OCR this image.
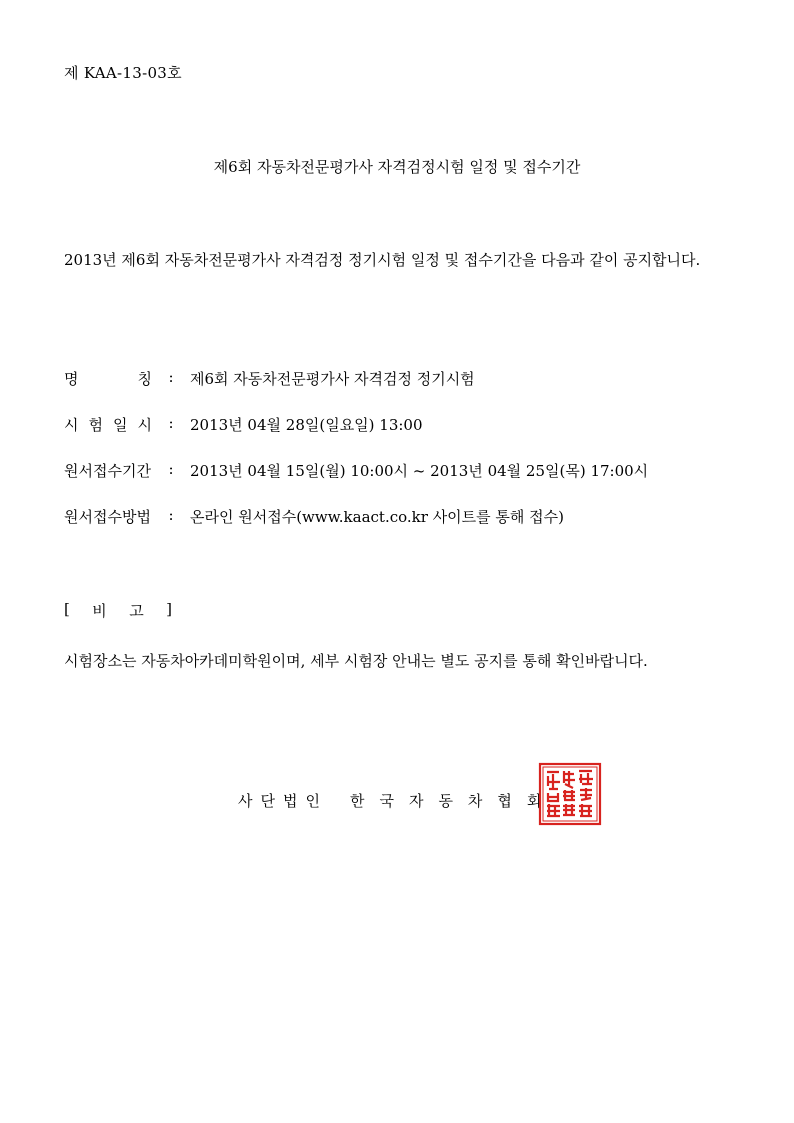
제 KAA-13-03호
제6회 자동차전문평가사 자격검정시험 일정 및 접수기간
2013년 제6회 자동차전문평가사 자격검정 정기시험 일정 및 접수기간을 다음과 같이 공지합니다.
명	칭	:	제6회 자동차전문평가사 자격검정 정기시험
시 험 일 시	:	2013년 04월 28일(일요일) 13:00
원서접수기간	:	2013년 04월 15일(월) 10:00시 ~ 2013년 04월 25일(목) 17:00시
원서접수방법	:	온라인 원서접수(www.kaact.co.kr 사이트를 통해 접수)
[ 비 고 ]
시험장소는 자동차아카데미학원이며, 세부 시험장 안내는 별도 공지를 통해 확인바랍니다.
사단법인 한국자동차협회
